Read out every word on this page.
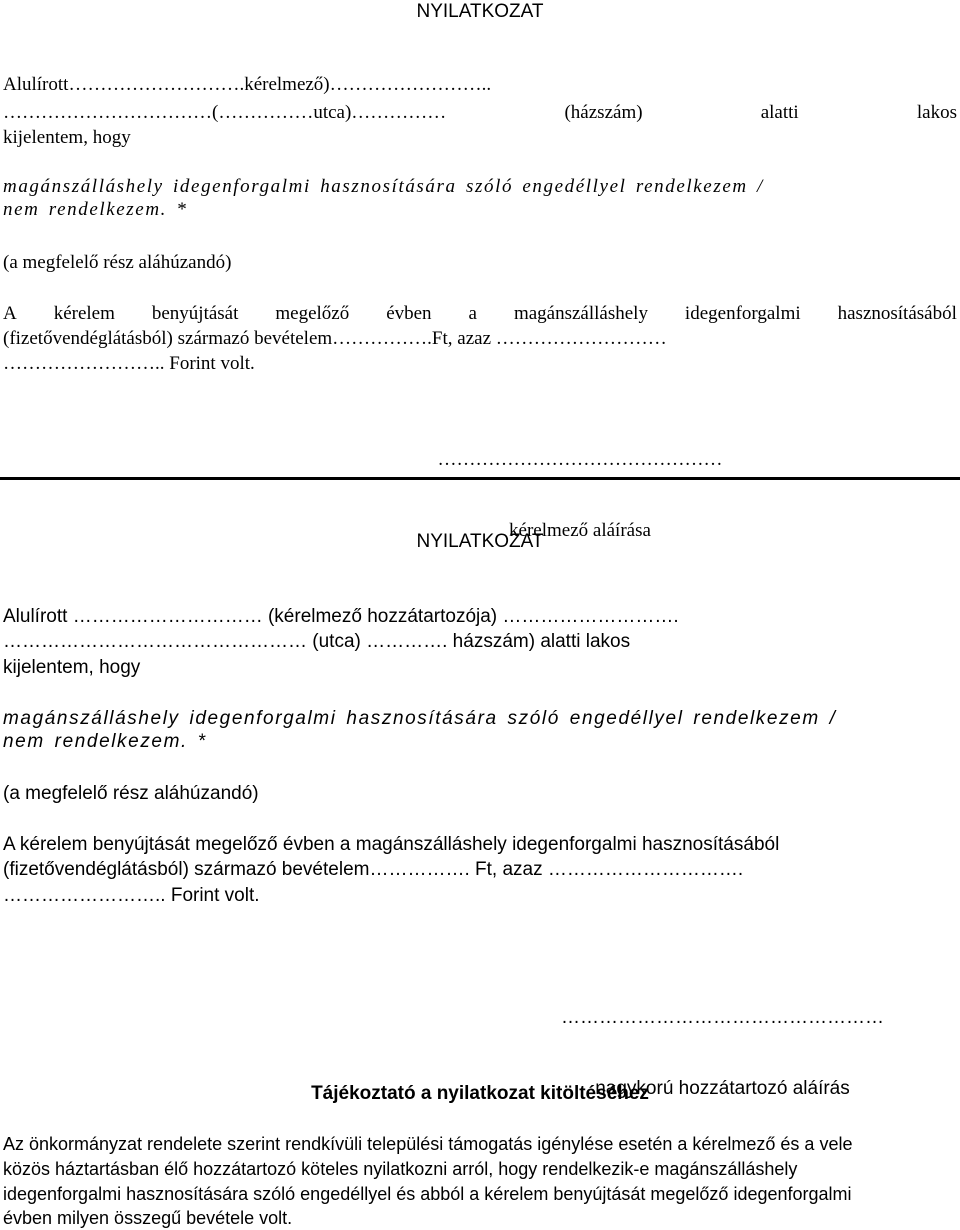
NYILATKOZAT
Alulírott……………………….kérelmező)……………………..
……………………………(……………utca)……………	(házszám)	alatti	lakos
kijelentem, hogy
magánszálláshely idegenforgalmi hasznosítására szóló engedéllyel rendelkezem /
nem rendelkezem. *
(a megfelelő rész aláhúzandó)
A kérelem benyújtását megelőző évben a magánszálláshely idegenforgalmi hasznosításából
(fizetővendéglátásból) származó bevételem…………….Ft, azaz ………………………
…………………….. Forint volt.

………………………………………

kérelmező aláírása

NYILATKOZAT
Alulírott ………………………… (kérelmező hozzátartozója) ……………………….
………………………………………… (utca) …………. házszám) alatti lakos
kijelentem, hogy
magánszálláshely idegenforgalmi hasznosítására szóló engedéllyel rendelkezem /
nem rendelkezem. *
(a megfelelő rész aláhúzandó)
A kérelem benyújtását megelőző évben a magánszálláshely idegenforgalmi hasznosításából
(fizetővendéglátásból) származó bevételem……………. Ft, azaz ………………………….
…………………….. Forint volt.

……………………………………………

nagykorú hozzátartozó aláírás

Tájékoztató a nyilatkozat kitöltéséhez
Az önkormányzat rendelete szerint rendkívüli települési támogatás igénylése esetén a kérelmező és a vele
közös háztartásban élő hozzátartozó köteles nyilatkozni arról, hogy rendelkezik-e magánszálláshely
idegenforgalmi hasznosítására szóló engedéllyel és abból a kérelem benyújtását megelőző idegenforgalmi
évben milyen összegű bevétele volt.
